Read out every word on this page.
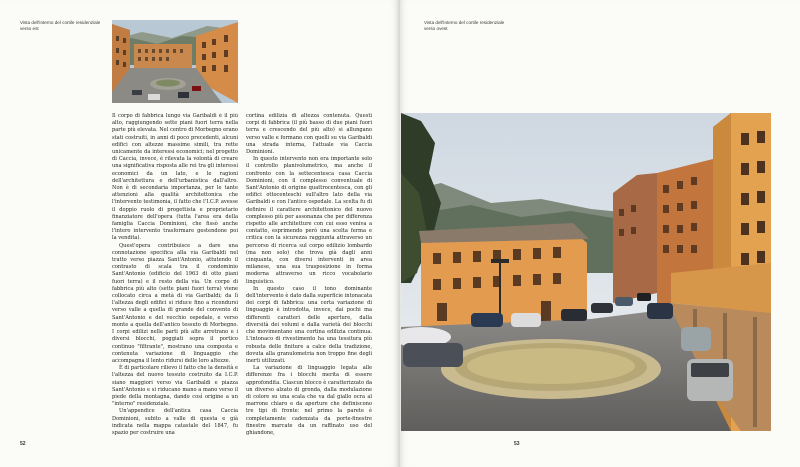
Vista dell'interno del cortile residenziale
verso est

Il corpo di fabbrica lungo via Garibaldi è il più alto, raggiungendo sette piani fuori terra nella parte più elevata. Nel centro di Morbegno erano stati costruiti, in anni di poco precedenti, alcuni edifici con altezze massime simili, tra rette unicamente da interessi economici; nel progetto di Caccia, invece, è rilevata la volontà di creare una significativa risposta alle rei tra gli interessi economici da un lato, e le ragioni dell'architettura e dell'urbanistica dall'altro. Non è di secondaria importanza, per le tante attenzioni alla qualità architettonica che l'intervento testimonia, il fatto che l'I.C.P. avesse il doppio ruolo di progettista e proprietario finanziatore dell'opera (tutta l'area era della famiglia Caccia Dominioni, che fissò anche l'intero intervento trasformare gestendone poi la vendita).

Quest'opera contribuisce a dare una connotazione specifica alla via Garibaldi nel tratto verso piazza Sant'Antonio, attutendo il contrasto di scala tra il condominio Sant'Antonio (edificio del 1963 di otto piani fuori terra) e il resto della via. Un corpo di fabbrica più alto (sette piani fuori terra) viene collocato circa a metà di via Garibaldi; da lì l'altezza degli edifici si riduce fino a ricondursi verso valle a quella di grande del convento di Sant'Antonio e del vecchio ospedale, e verso monte a quella dell'antico tessuto di Morbegno. I corpi edilizi nelle parti più alte arretrano e i diversi blocchi, poggiati sopra il portico continuo "filtrante", mostrano una composta e contenuta variazione di linguaggio che accompagna il lento ridursi delle loro altezze.

È di particolare rilievo il fatto che la densità e l'altezza del nuovo tessuto costruito da I.C.P. siano maggiori verso via Garibaldi e piazza Sant'Antonio e si riducano mano a mano verso il piede della montagna, dando così origine a un "interno" residenziale.

Un'appendice dell'antica casa Caccia Dominioni, subito a valle di questa e già indicata nella mappa catastale del 1847, fu spazio per costruire una

cortina edilizia di altezza contenuta. Questi corpi di fabbrica (il più basso di due piani fuori terra e crescendo del più alto) si allungano verso valle e formano con quelli su via Garibaldi una strada interna, l'attuale via Caccia Dominioni.

In questo intervento non era importante solo il controllo planivolumetrico, ma anche il confronto con la settecentesca casa Caccia Dominioni, con il complesso conventuale di Sant'Antonio di origine quattrocentesca, con gli edifici ottocenteschi sull'altro lato della via Garibaldi e con l'antico ospedale. La scelta fu di definire il carattere architettonico del nuovo complesso più per assonanza che per differenza rispetto alle architetture con cui esso veniva a contatto, esprimendo però una scelta ferma e critica con la sicurezza raggiunta attraverso un percorso di ricerca sul corpo edilizio lombardo (ma non solo) che trova già dagli anni cinquanta, con diversi interventi in area milanese, una sua trasposizione in forma moderna attraverso un ricco vocabolario linguistico.

In questo caso il tono dominante dell'intervento è dato dalla superficie intonacata dei corpi di fabbrica: una certa variazione di linguaggio è introdotta, invece, dai pochi ma differenti caratteri delle aperture, dalla diversità dei volumi e dalla varietà dei blocchi che movimentano una cortina edilizia continua. L'intonaco di rivestimento ha una tessitura più robusta delle finiture a calce della tradizione, dovuta alla granulometria non troppo fine degli inerti utilizzati.

La variazione di linguaggio legata alle differenze fra i blocchi merita di essere approfondita. Ciascun blocco è caratterizzato da un diverso alzato di gronda, dalla modulazione di colore su una scala che va dal giallo ocra al marrone chiaro e da aperture che definiscono tre tipi di fronte: nel primo la parete è completamente cadenzata da porte-finestre finestre marcate da un raffinato uso del ghiandone,

52	53
Vista dell'interno del cortile residenziale
verso ovest
